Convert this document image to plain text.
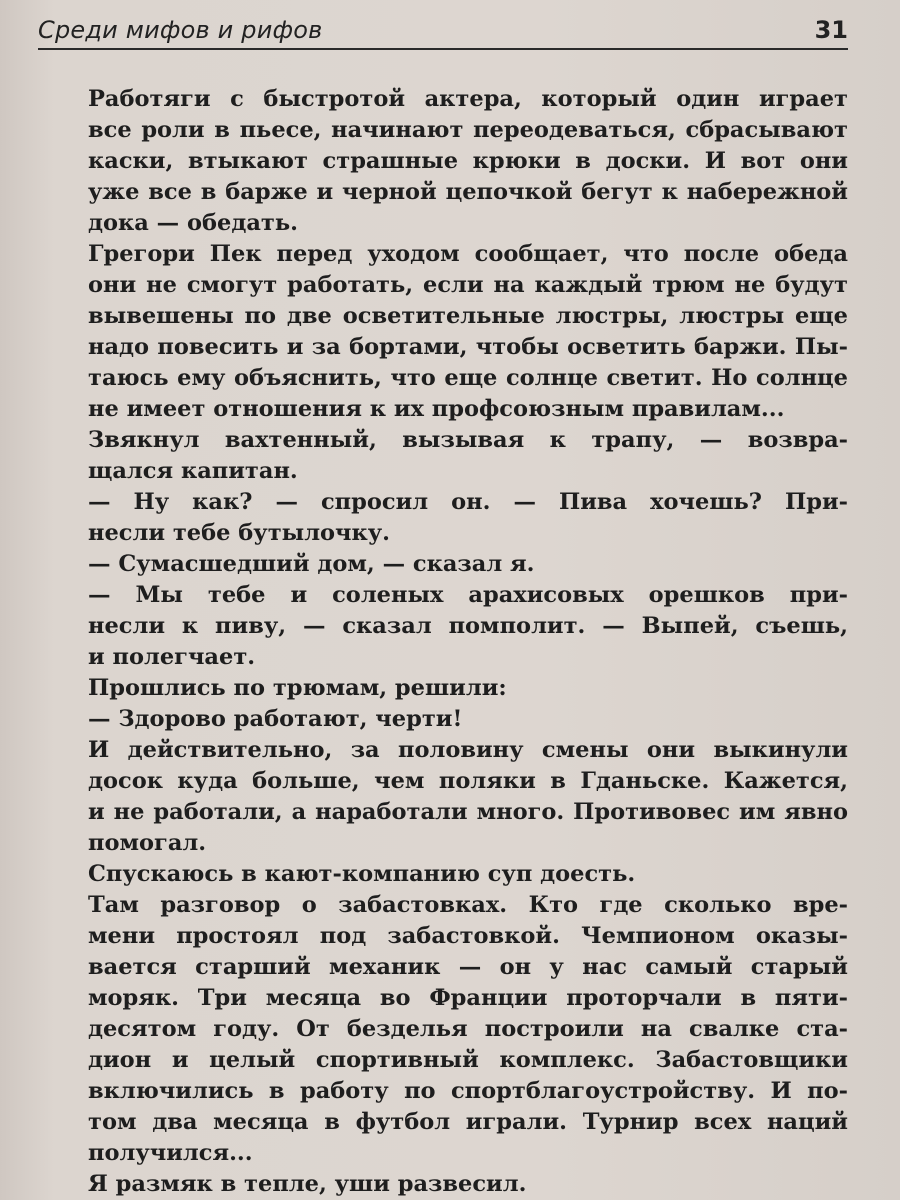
Среди мифов и рифов	31

Работяги с быстротой актера, который один играет

все роли в пьесе, начинают переодеваться, сбрасывают

каски, втыкают страшные крюки в доски. И вот они

уже все в барже и черной цепочкой бегут к набережной

дока — обедать.

Грегори Пек перед уходом сообщает, что после обеда

они не смогут работать, если на каждый трюм не будут

вывешены по две осветительные люстры, люстры еще

надо повесить и за бортами, чтобы осветить баржи. Пы-

таюсь ему объяснить, что еще солнце светит. Но солнце

не имеет отношения к их профсоюзным правилам...

Звякнул вахтенный, вызывая к трапу, — возвра-

щался капитан.

— Ну как? — спросил он. — Пива хочешь? При-

несли тебе бутылочку.

— Сумасшедший дом, — сказал я.

— Мы тебе и соленых арахисовых орешков при-

несли к пиву, — сказал помполит. — Выпей, съешь,

и полегчает.

Прошлись по трюмам, решили:

— Здорово работают, черти!

И действительно, за половину смены они выкинули

досок куда больше, чем поляки в Гданьске. Кажется,

и не работали, а наработали много. Противовес им явно

помогал.

Спускаюсь в кают-компанию суп доесть.

Там разговор о забастовках. Кто где сколько вре-

мени простоял под забастовкой. Чемпионом оказы-

вается старший механик — он у нас самый старый

моряк. Три месяца во Франции проторчали в пяти-

десятом году. От безделья построили на свалке ста-

дион и целый спортивный комплекс. Забастовщики

включились в работу по спортблагоустройству. И по-

том два месяца в футбол играли. Турнир всех наций

получился...

Я размяк в тепле, уши развесил.
